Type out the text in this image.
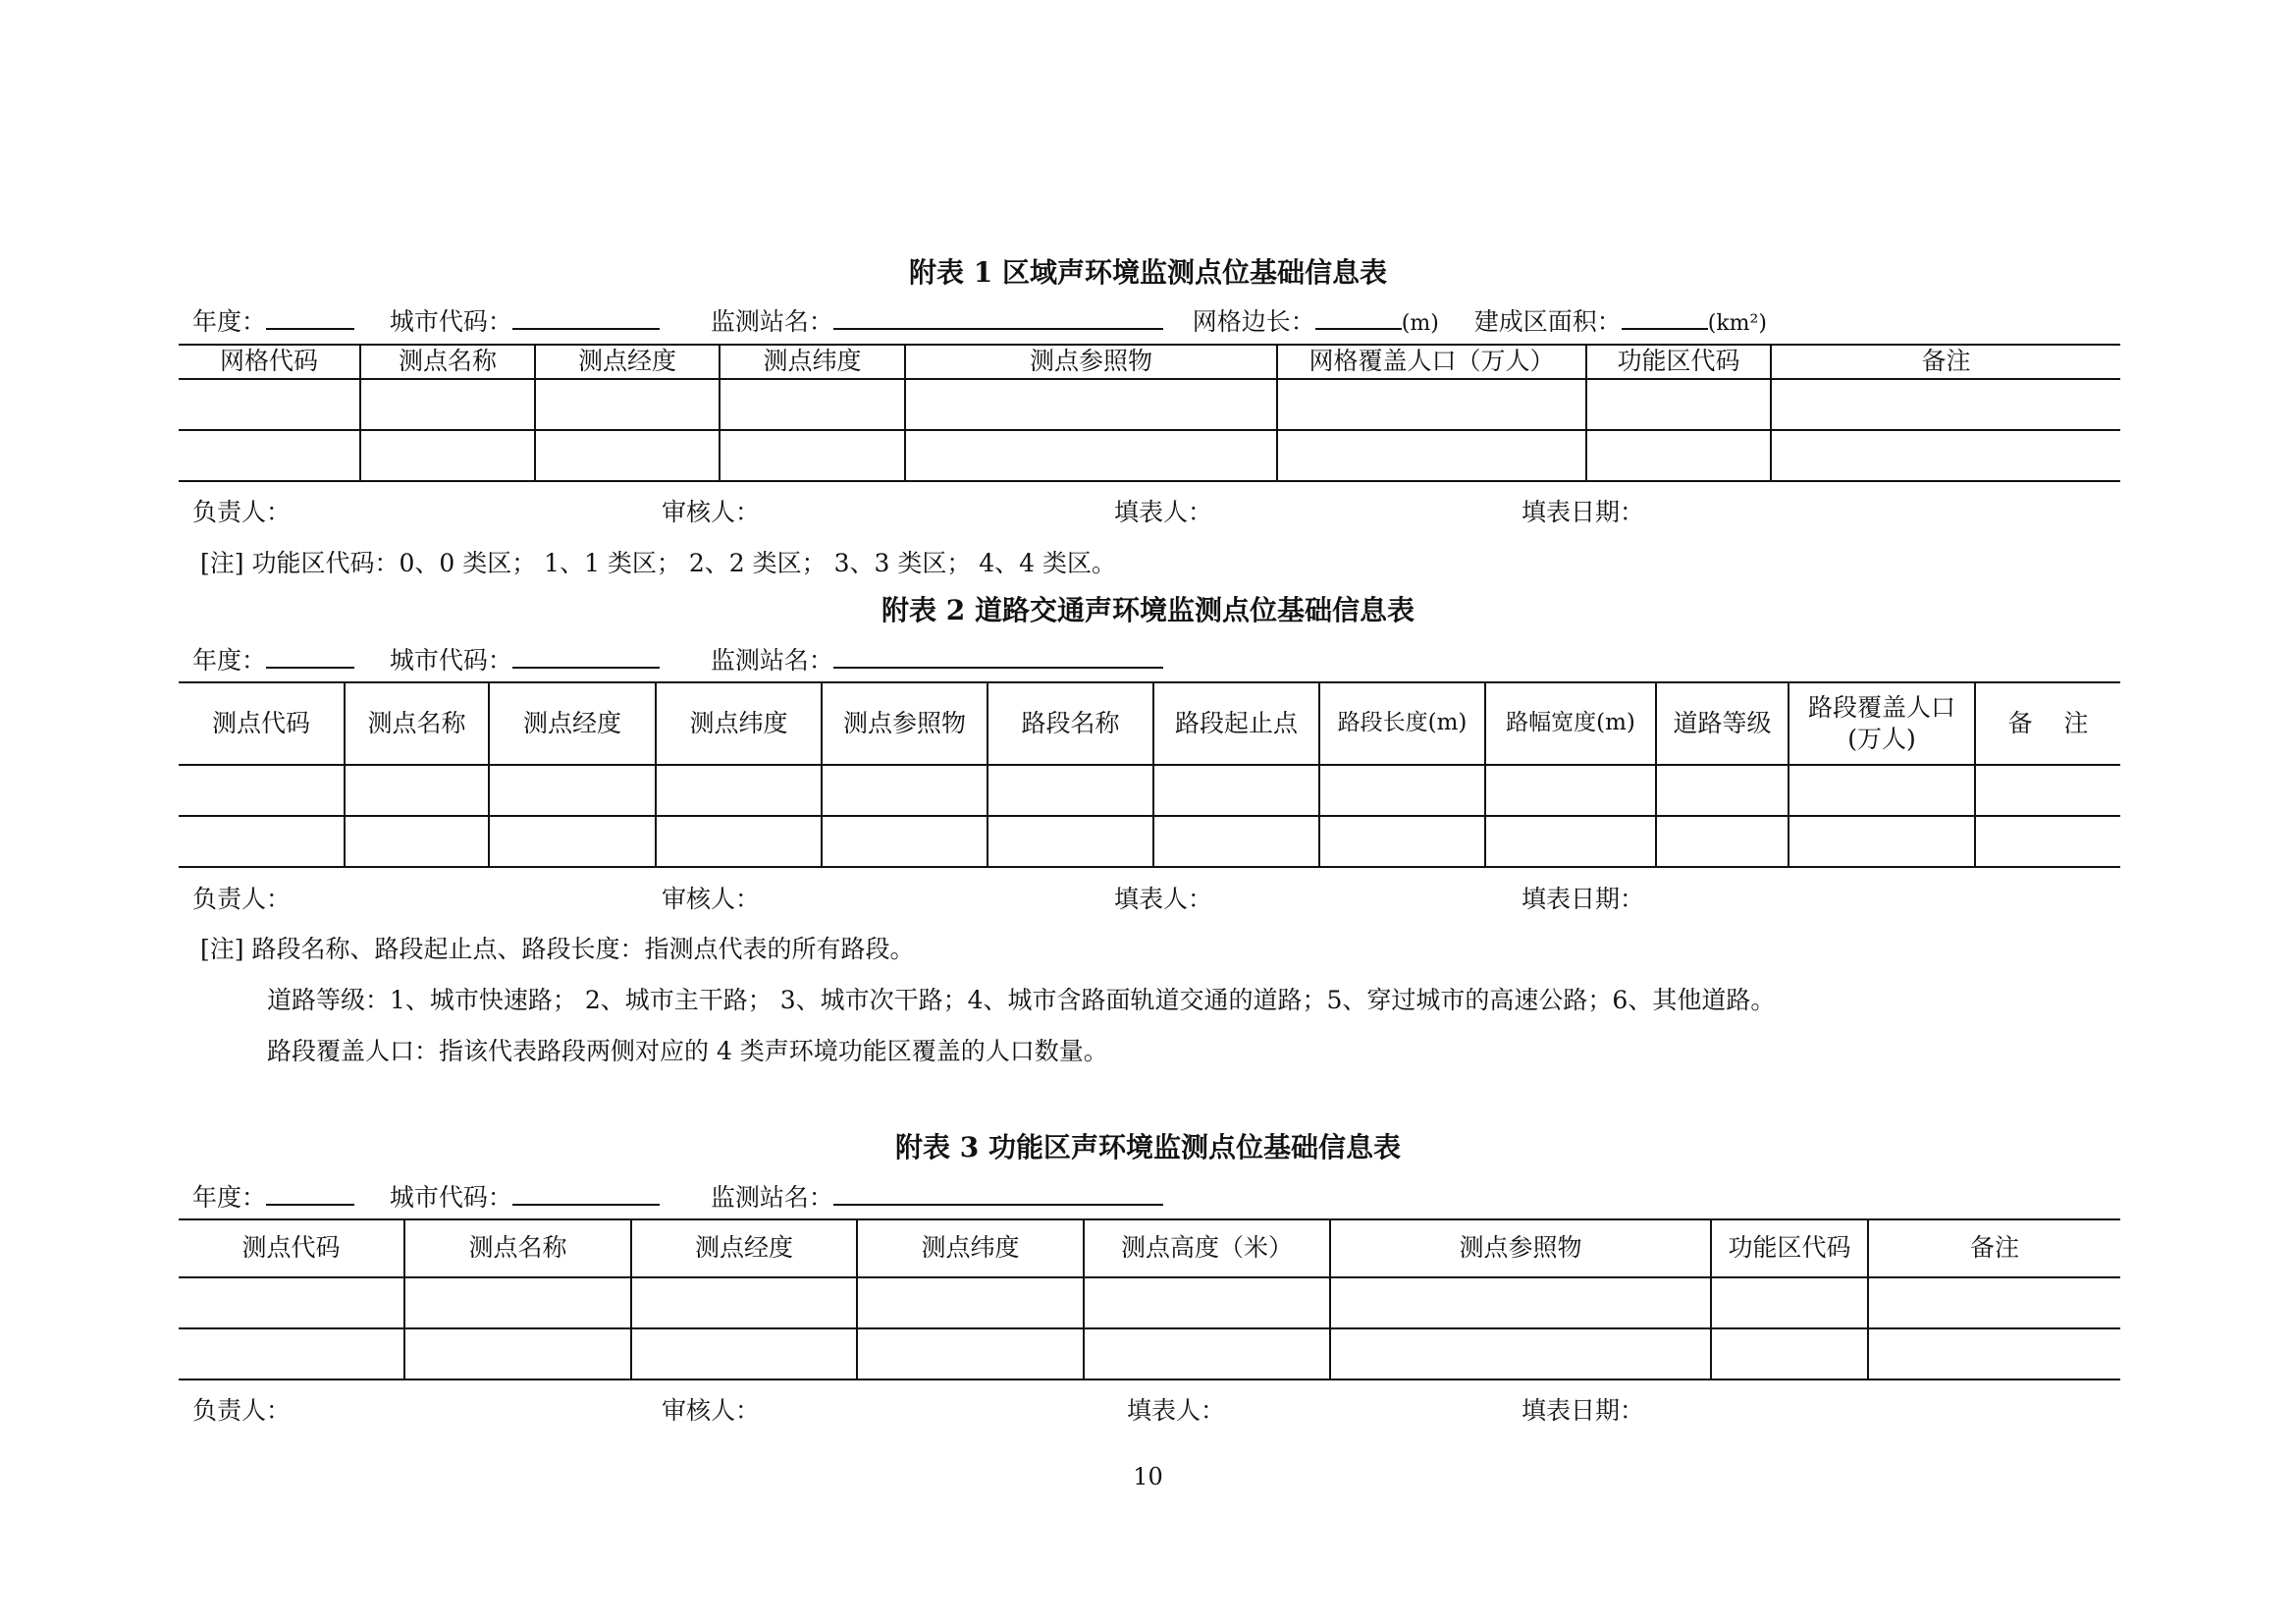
附表 1 区域声环境监测点位基础信息表
年度：	城市代码：	监测站名：	网格边长：	(m) 建成区面积：	(km²)
网格代码	测点名称	测点经度	测点纬度	测点参照物	网格覆盖人口（万人）	功能区代码	备注

负责人：	审核人：	填表人：	填表日期：
[注] 功能区代码：0、0 类区； 1、1 类区； 2、2 类区； 3、3 类区； 4、4 类区。
附表 2 道路交通声环境监测点位基础信息表
年度：	城市代码：	监测站名：
测点代码	测点名称	测点经度	测点纬度	测点参照物	路段名称	路段起止点	路段长度(m)	路幅宽度(m)	道路等级	路段覆盖人口
(万人)	备    注

负责人：	审核人：	填表人：	填表日期：
[注] 路段名称、路段起止点、路段长度：指测点代表的所有路段。
道路等级：1、城市快速路； 2、城市主干路； 3、城市次干路；4、城市含路面轨道交通的道路；5、穿过城市的高速公路；6、其他道路。
路段覆盖人口：指该代表路段两侧对应的 4 类声环境功能区覆盖的人口数量。
附表 3 功能区声环境监测点位基础信息表
年度：	城市代码：	监测站名：
测点代码	测点名称	测点经度	测点纬度	测点高度（米）	测点参照物	功能区代码	备注

负责人：	审核人：	填表人：	填表日期：
10
